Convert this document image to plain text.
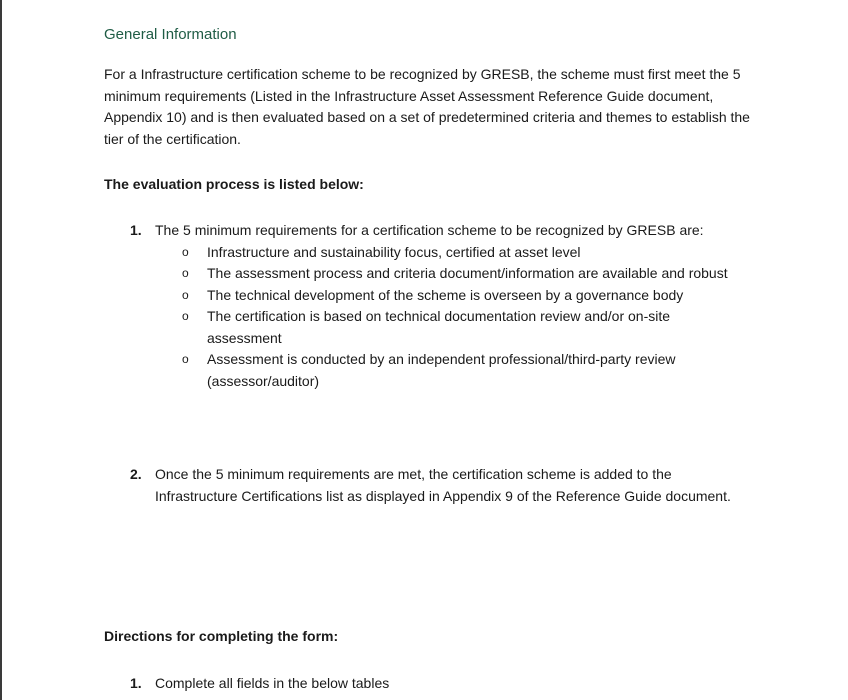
General Information

For a Infrastructure certification scheme to be recognized by GRESB, the scheme must first meet the 5 minimum requirements (Listed in the Infrastructure Asset Assessment Reference Guide document, Appendix 10) and is then evaluated based on a set of predetermined criteria and themes to establish the tier of the certification.

The evaluation process is listed below:
1. The 5 minimum requirements for a certification scheme to be recognized by GRESB are:
o Infrastructure and sustainability focus, certified at asset level
o The assessment process and criteria document/information are available and robust
o The technical development of the scheme is overseen by a governance body
o The certification is based on technical documentation review and/or on-site assessment
o Assessment is conducted by an independent professional/third-party review (assessor/auditor)
2. Once the 5 minimum requirements are met, the certification scheme is added to the Infrastructure Certifications list as displayed in Appendix 9 of the Reference Guide document.
Directions for completing the form:
1. Complete all fields in the below tables
